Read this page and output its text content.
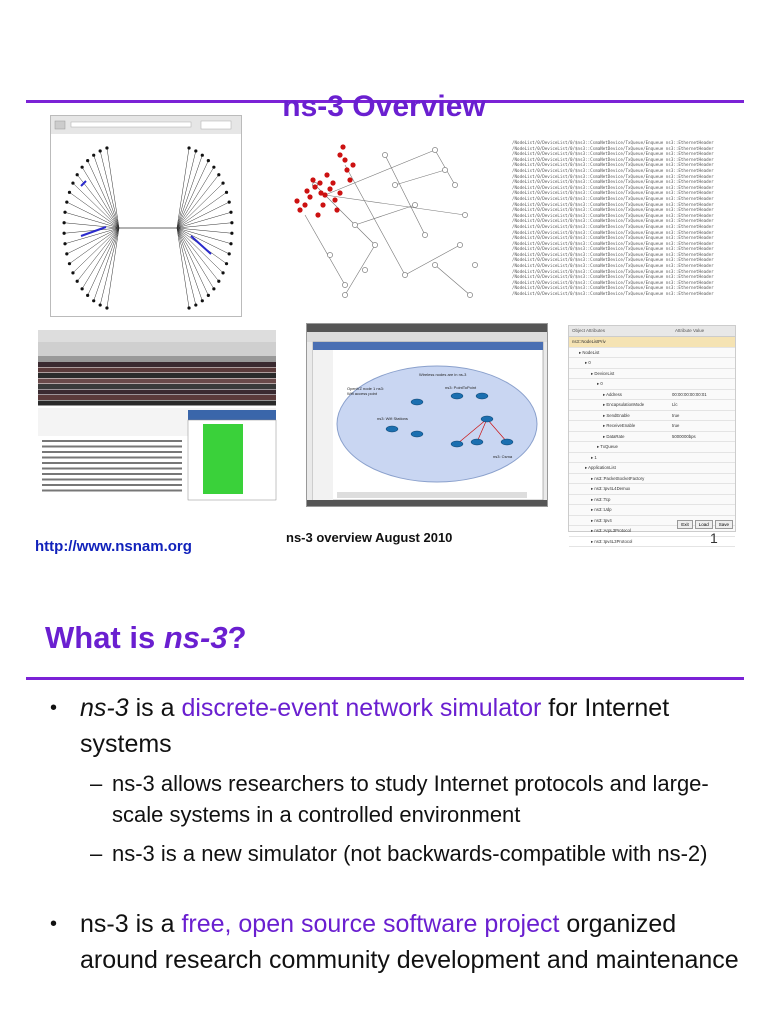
ns-3 Overview
/NodeList/0/DeviceList/0/$ns3::CsmaNetDevice/TxQueue/Enqueue ns3::EthernetHeader
/NodeList/0/DeviceList/0/$ns3::CsmaNetDevice/TxQueue/Enqueue ns3::EthernetHeader
/NodeList/0/DeviceList/0/$ns3::CsmaNetDevice/TxQueue/Enqueue ns3::EthernetHeader
/NodeList/0/DeviceList/0/$ns3::CsmaNetDevice/TxQueue/Enqueue ns3::EthernetHeader
/NodeList/0/DeviceList/0/$ns3::CsmaNetDevice/TxQueue/Enqueue ns3::EthernetHeader
/NodeList/0/DeviceList/0/$ns3::CsmaNetDevice/TxQueue/Enqueue ns3::EthernetHeader
/NodeList/0/DeviceList/0/$ns3::CsmaNetDevice/TxQueue/Enqueue ns3::EthernetHeader
/NodeList/0/DeviceList/0/$ns3::CsmaNetDevice/TxQueue/Enqueue ns3::EthernetHeader
/NodeList/0/DeviceList/0/$ns3::CsmaNetDevice/TxQueue/Enqueue ns3::EthernetHeader
/NodeList/0/DeviceList/0/$ns3::CsmaNetDevice/TxQueue/Enqueue ns3::EthernetHeader
/NodeList/0/DeviceList/0/$ns3::CsmaNetDevice/TxQueue/Enqueue ns3::EthernetHeader
/NodeList/0/DeviceList/0/$ns3::CsmaNetDevice/TxQueue/Enqueue ns3::EthernetHeader
/NodeList/0/DeviceList/0/$ns3::CsmaNetDevice/TxQueue/Enqueue ns3::EthernetHeader
/NodeList/0/DeviceList/0/$ns3::CsmaNetDevice/TxQueue/Enqueue ns3::EthernetHeader
/NodeList/0/DeviceList/0/$ns3::CsmaNetDevice/TxQueue/Enqueue ns3::EthernetHeader
/NodeList/0/DeviceList/0/$ns3::CsmaNetDevice/TxQueue/Enqueue ns3::EthernetHeader
/NodeList/0/DeviceList/0/$ns3::CsmaNetDevice/TxQueue/Enqueue ns3::EthernetHeader
/NodeList/0/DeviceList/0/$ns3::CsmaNetDevice/TxQueue/Enqueue ns3::EthernetHeader
/NodeList/0/DeviceList/0/$ns3::CsmaNetDevice/TxQueue/Enqueue ns3::EthernetHeader
/NodeList/0/DeviceList/0/$ns3::CsmaNetDevice/TxQueue/Enqueue ns3::EthernetHeader
/NodeList/0/DeviceList/0/$ns3::CsmaNetDevice/TxQueue/Enqueue ns3::EthernetHeader
/NodeList/0/DeviceList/0/$ns3::CsmaNetDevice/TxQueue/Enqueue ns3::EthernetHeader
/NodeList/0/DeviceList/0/$ns3::CsmaNetDevice/TxQueue/Enqueue ns3::EthernetHeader
/NodeList/0/DeviceList/0/$ns3::CsmaNetDevice/TxQueue/Enqueue ns3::EthernetHeader
/NodeList/0/DeviceList/0/$ns3::CsmaNetDevice/TxQueue/Enqueue ns3::EthernetHeader
/NodeList/0/DeviceList/0/$ns3::CsmaNetDevice/TxQueue/Enqueue ns3::EthernetHeader
/NodeList/0/DeviceList/0/$ns3::CsmaNetDevice/TxQueue/Enqueue ns3::EthernetHeader
/NodeList/0/DeviceList/0/$ns3::CsmaNetDevice/TxQueue/Enqueue ns3::EthernetHeader
Wireless nodes are in ns-3
OpenVZ node 1 ns3: Wifi access point
ns3: PointToPoint
ns3: Wifi Stations
ns3: Csma
Object Attributes	Attribute Value
ns3::NodeListPriv
▸ NodeList
▸ 0
▸ DeviceList
▸ 0
▸ Address	00:00:00:00:00:01
▸ EncapsulationMode	Llc
▸ SendEnable	true
▸ ReceiveEnable	true
▸ DataRate	5000000bps
▸ TxQueue
▸ 1
▸ ApplicationList
▸ ns3::PacketSocketFactory
▸ ns3::Ipv4L4Demux
▸ ns3::Tcp
▸ ns3::Udp
▸ ns3::Ipv4
▸ ns3::ArpL3Protocol
▸ ns3::Ipv4L3Protocol
Exit	Load	Save
http://www.nsnam.org
ns-3 overview August 2010	1
What is ns-3?
• ns-3 is a discrete-event network simulator for Internet systems
– ns-3 allows researchers to study Internet protocols and large-scale systems in a controlled environment
– ns-3 is a new simulator (not backwards-compatible with ns-2)
• ns-3 is a free, open source software project organized around research community development and maintenance
